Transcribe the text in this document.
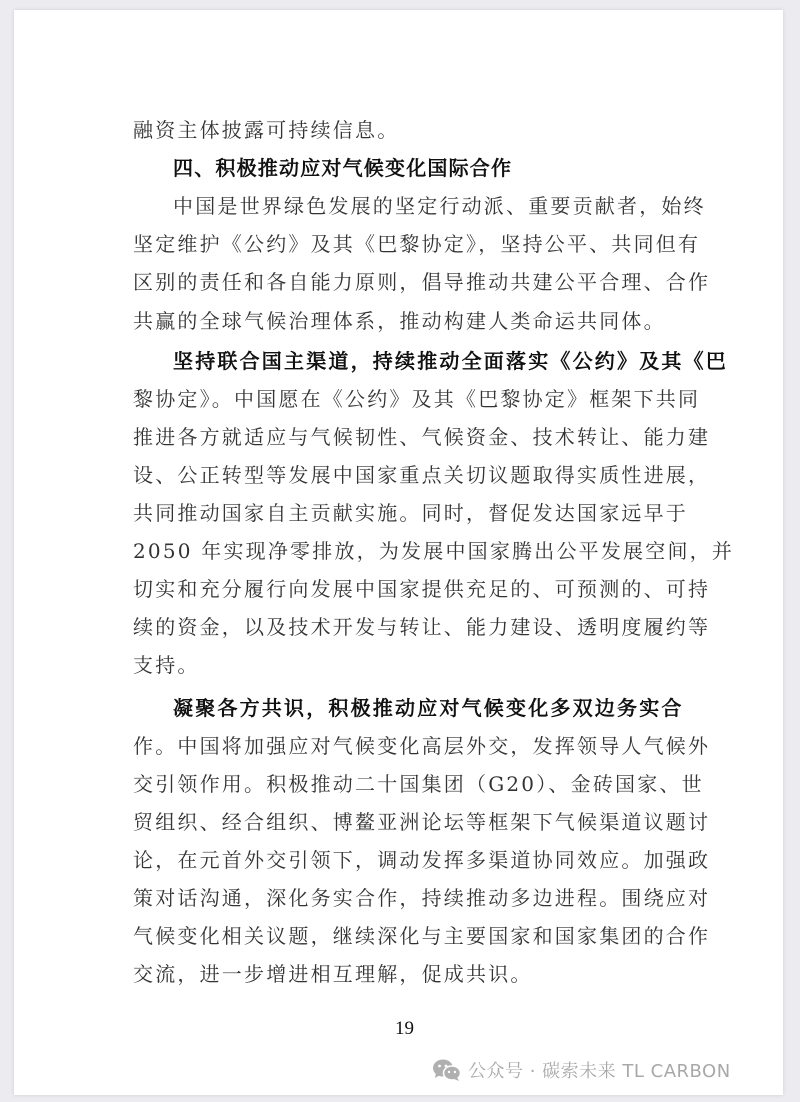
融资主体披露可持续信息。
四、积极推动应对气候变化国际合作
中国是世界绿色发展的坚定行动派、重要贡献者，始终
坚定维护《公约》及其《巴黎协定》，坚持公平、共同但有
区别的责任和各自能力原则，倡导推动共建公平合理、合作
共赢的全球气候治理体系，推动构建人类命运共同体。
坚持联合国主渠道，持续推动全面落实《公约》及其《巴
黎协定》。中国愿在《公约》及其《巴黎协定》框架下共同
推进各方就适应与气候韧性、气候资金、技术转让、能力建
设、公正转型等发展中国家重点关切议题取得实质性进展，
共同推动国家自主贡献实施。同时，督促发达国家远早于
2050 年实现净零排放，为发展中国家腾出公平发展空间，并
切实和充分履行向发展中国家提供充足的、可预测的、可持
续的资金，以及技术开发与转让、能力建设、透明度履约等
支持。
凝聚各方共识，积极推动应对气候变化多双边务实合
作。中国将加强应对气候变化高层外交，发挥领导人气候外
交引领作用。积极推动二十国集团（G20）、金砖国家、世
贸组织、经合组织、博鳌亚洲论坛等框架下气候渠道议题讨
论，在元首外交引领下，调动发挥多渠道协同效应。加强政
策对话沟通，深化务实合作，持续推动多边进程。围绕应对
气候变化相关议题，继续深化与主要国家和国家集团的合作
交流，进一步增进相互理解，促成共识。
19
公众号 · 碳索未来 TL CARBON
